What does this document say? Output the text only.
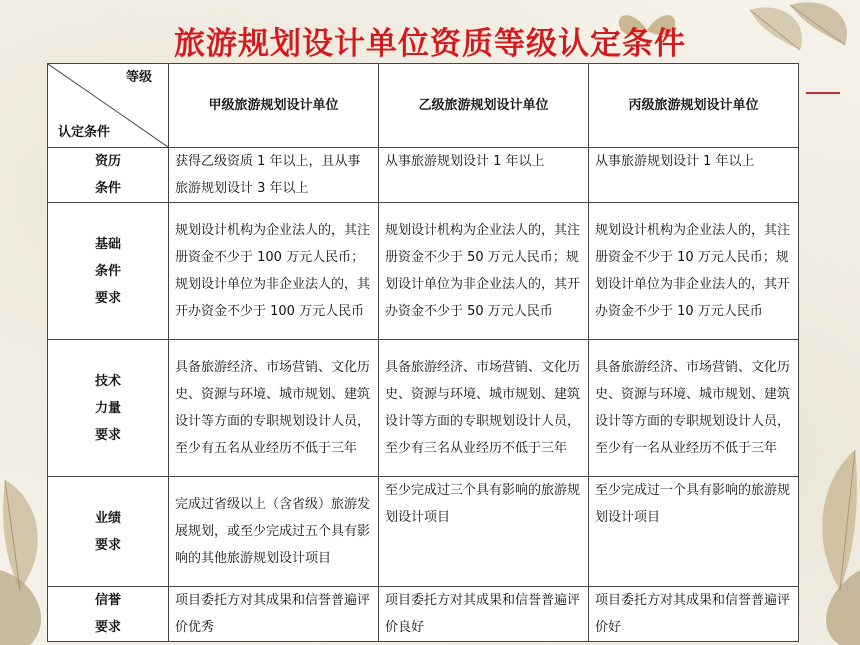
旅游规划设计单位资质等级认定条件
等级
认定条件	甲级旅游规划设计单位	乙级旅游规划设计单位	丙级旅游规划设计单位

资历
条件	获得乙级资质 1 年以上，且从事旅游规划设计 3 年以上	从事旅游规划设计 1 年以上	从事旅游规划设计 1 年以上

基础
条件
要求	规划设计机构为企业法人的，其注册资金不少于 100 万元人民币；规划设计单位为非企业法人的，其开办资金不少于 100 万元人民币	规划设计机构为企业法人的，其注册资金不少于 50 万元人民币；规划设计单位为非企业法人的，其开办资金不少于 50 万元人民币	规划设计机构为企业法人的，其注册资金不少于 10 万元人民币；规划设计单位为非企业法人的，其开办资金不少于 10 万元人民币

技术
力量
要求	具备旅游经济、市场营销、文化历史、资源与环境、城市规划、建筑设计等方面的专职规划设计人员，至少有五名从业经历不低于三年	具备旅游经济、市场营销、文化历史、资源与环境、城市规划、建筑设计等方面的专职规划设计人员，至少有三名从业经历不低于三年	具备旅游经济、市场营销、文化历史、资源与环境、城市规划、建筑设计等方面的专职规划设计人员，至少有一名从业经历不低于三年

业绩
要求	完成过省级以上（含省级）旅游发展规划，或至少完成过五个具有影响的其他旅游规划设计项目	至少完成过三个具有影响的旅游规划设计项目	至少完成过一个具有影响的旅游规划设计项目

信誉
要求	项目委托方对其成果和信誉普遍评价优秀	项目委托方对其成果和信誉普遍评价良好	项目委托方对其成果和信誉普遍评价好
